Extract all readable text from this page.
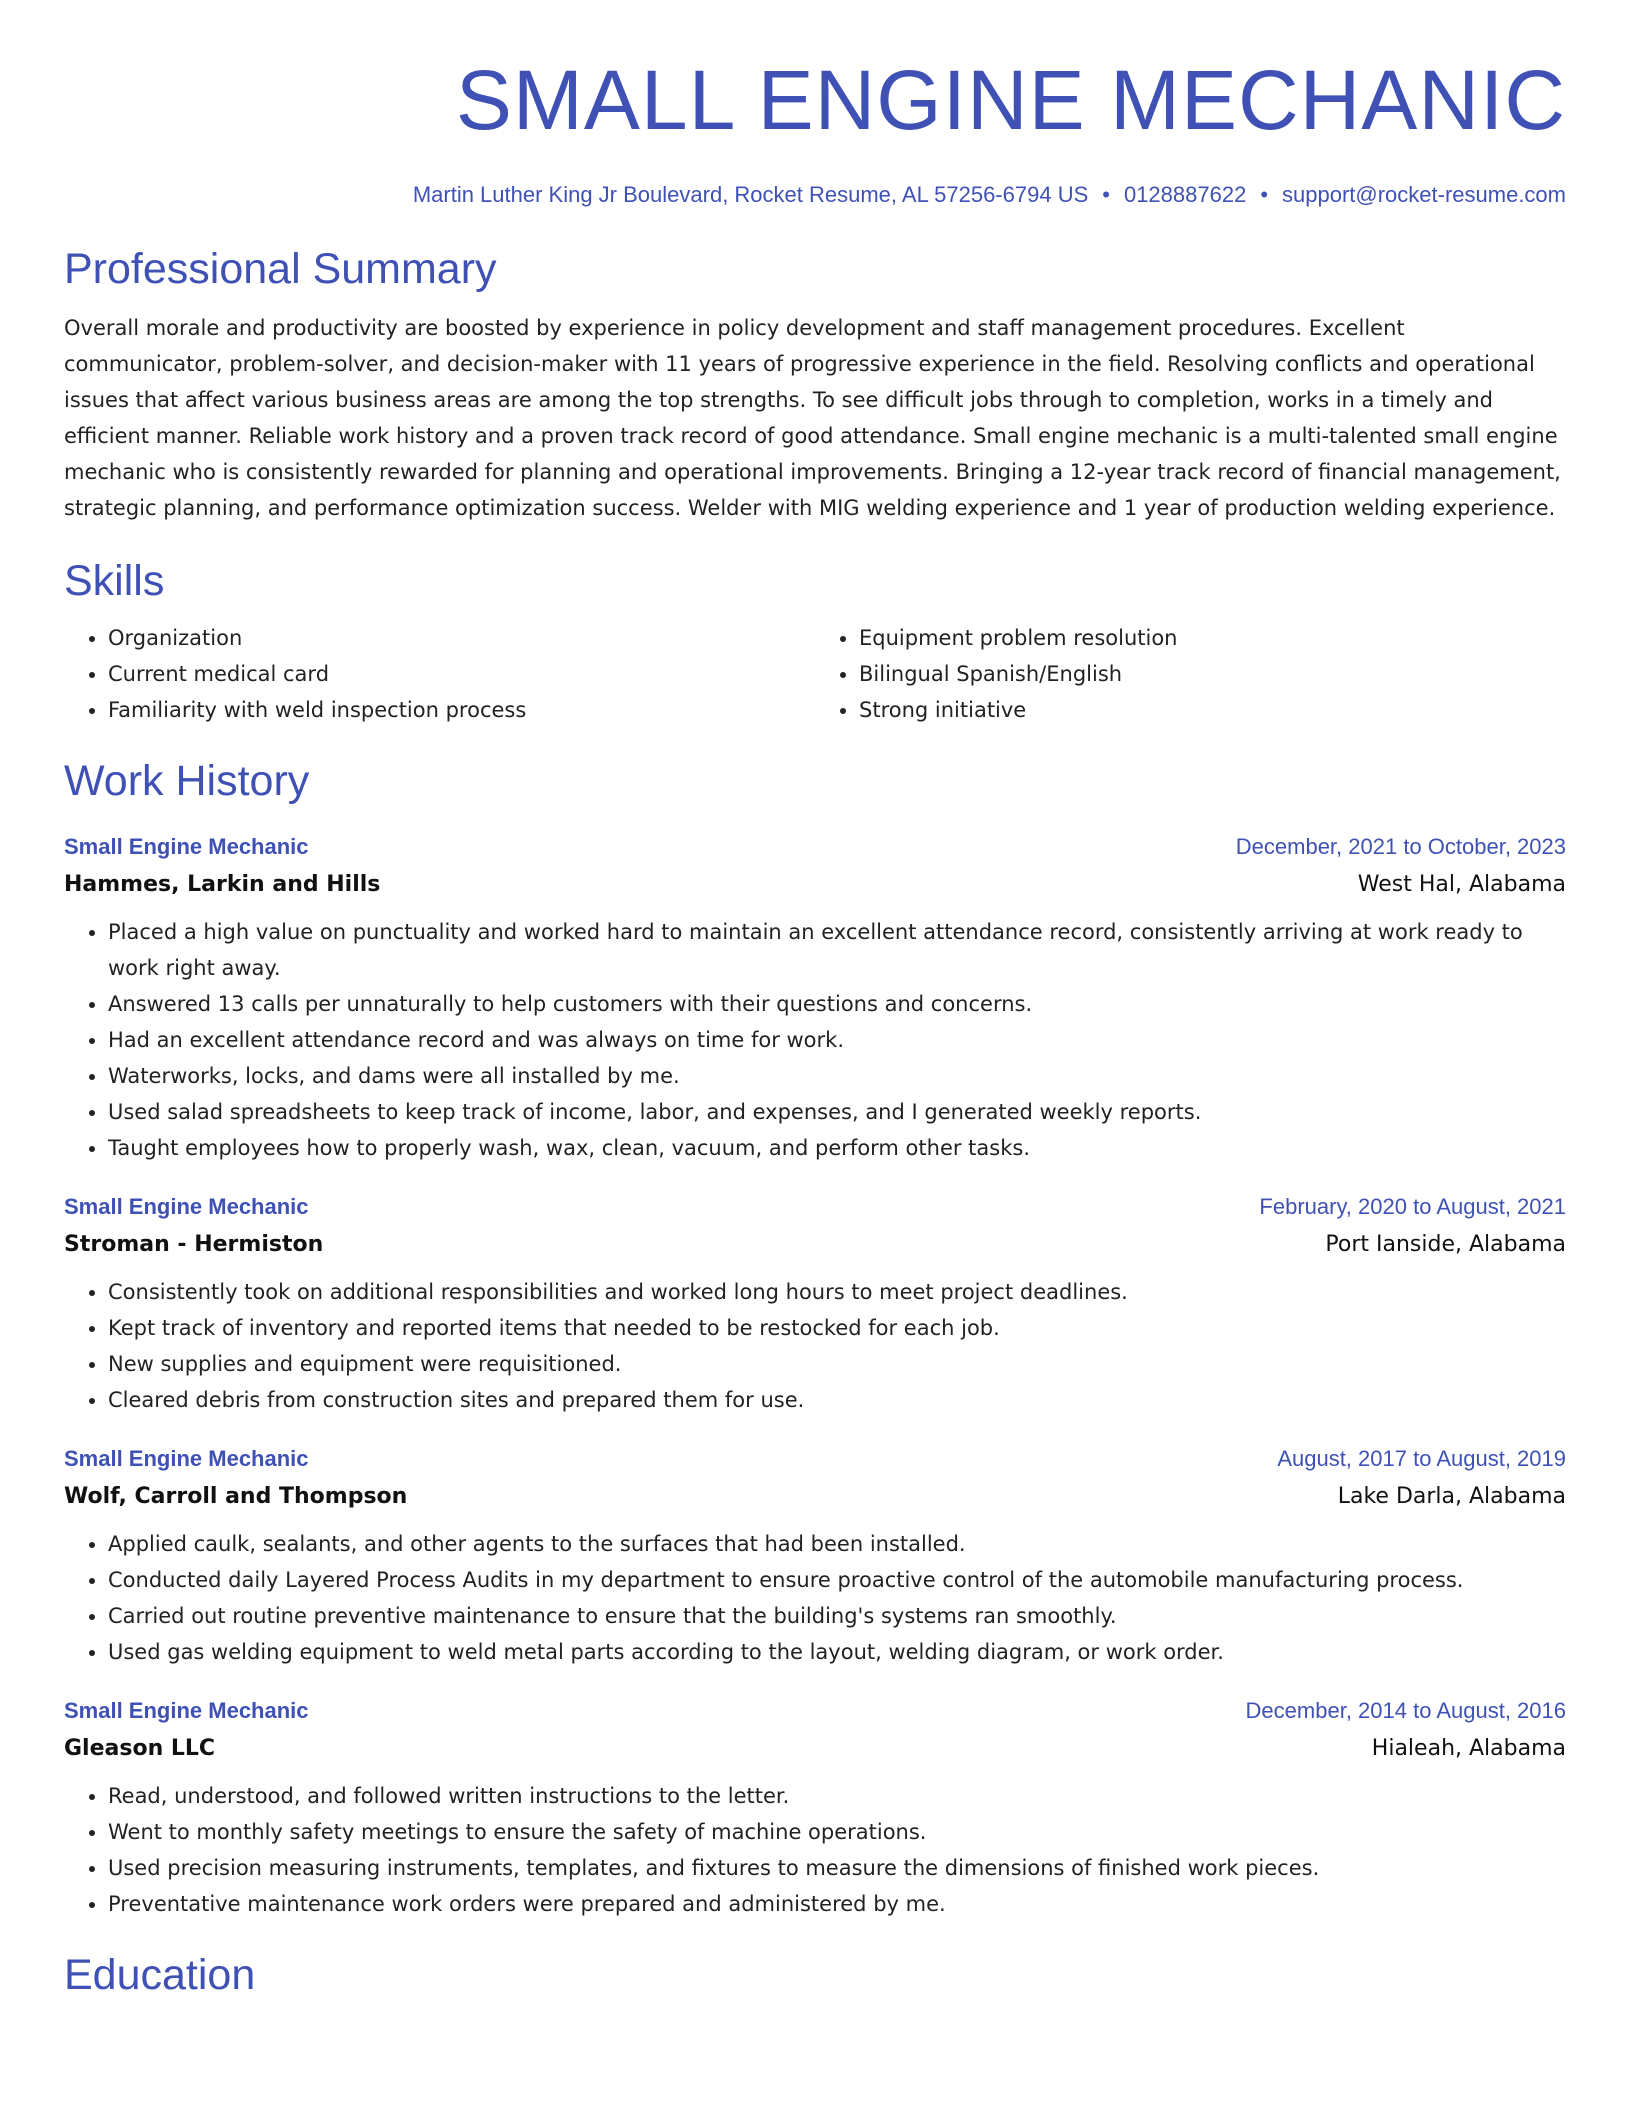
SMALL ENGINE MECHANIC
Martin Luther King Jr Boulevard, Rocket Resume, AL 57256-6794 US • 0128887622 • support@rocket-resume.com
Professional Summary

Overall morale and productivity are boosted by experience in policy development and staff management procedures. Excellent communicator, problem-solver, and decision-maker with 11 years of progressive experience in the field. Resolving conflicts and operational issues that affect various business areas are among the top strengths. To see difficult jobs through to completion, works in a timely and efficient manner. Reliable work history and a proven track record of good attendance. Small engine mechanic is a multi-talented small engine mechanic who is consistently rewarded for planning and operational improvements. Bringing a 12-year track record of financial management, strategic planning, and performance optimization success. Welder with MIG welding experience and 1 year of production welding experience.

Skills
• Organization
• Current medical card
• Familiarity with weld inspection process
• Equipment problem resolution
• Bilingual Spanish/English
• Strong initiative
Work History
Small Engine Mechanic	December, 2021 to October, 2023
Hammes, Larkin and Hills	West Hal, Alabama
• Placed a high value on punctuality and worked hard to maintain an excellent attendance record, consistently arriving at work ready to work right away.
• Answered 13 calls per unnaturally to help customers with their questions and concerns.
• Had an excellent attendance record and was always on time for work.
• Waterworks, locks, and dams were all installed by me.
• Used salad spreadsheets to keep track of income, labor, and expenses, and I generated weekly reports.
• Taught employees how to properly wash, wax, clean, vacuum, and perform other tasks.
Small Engine Mechanic	February, 2020 to August, 2021
Stroman - Hermiston	Port Ianside, Alabama
• Consistently took on additional responsibilities and worked long hours to meet project deadlines.
• Kept track of inventory and reported items that needed to be restocked for each job.
• New supplies and equipment were requisitioned.
• Cleared debris from construction sites and prepared them for use.
Small Engine Mechanic	August, 2017 to August, 2019
Wolf, Carroll and Thompson	Lake Darla, Alabama
• Applied caulk, sealants, and other agents to the surfaces that had been installed.
• Conducted daily Layered Process Audits in my department to ensure proactive control of the automobile manufacturing process.
• Carried out routine preventive maintenance to ensure that the building's systems ran smoothly.
• Used gas welding equipment to weld metal parts according to the layout, welding diagram, or work order.
Small Engine Mechanic	December, 2014 to August, 2016
Gleason LLC	Hialeah, Alabama
• Read, understood, and followed written instructions to the letter.
• Went to monthly safety meetings to ensure the safety of machine operations.
• Used precision measuring instruments, templates, and fixtures to measure the dimensions of finished work pieces.
• Preventative maintenance work orders were prepared and administered by me.
Education
